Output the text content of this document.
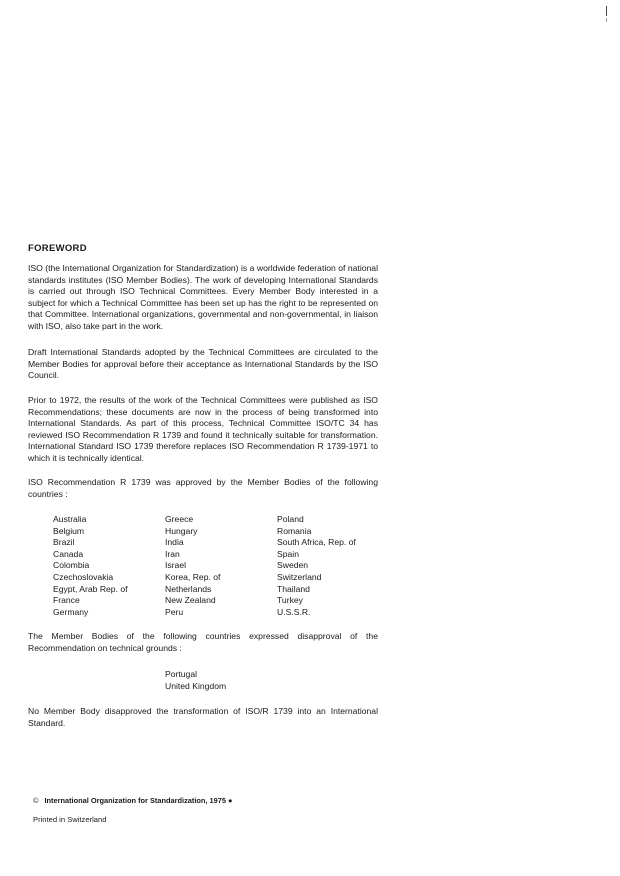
FOREWORD

ISO (the International Organization for Standardization) is a worldwide federation of national standards institutes (ISO Member Bodies). The work of developing International Standards is carried out through ISO Technical Committees. Every Member Body interested in a subject for which a Technical Committee has been set up has the right to be represented on that Committee. International organizations, governmental and non-governmental, in liaison with ISO, also take part in the work.

Draft International Standards adopted by the Technical Committees are circulated to the Member Bodies for approval before their acceptance as International Standards by the ISO Council.

Prior to 1972, the results of the work of the Technical Committees were published as ISO Recommendations; these documents are now in the process of being transformed into International Standards. As part of this process, Technical Committee ISO/TC 34 has reviewed ISO Recommendation R 1739 and found it technically suitable for transformation. International Standard ISO 1739 therefore replaces ISO Recommendation R 1739-1971 to which it is technically identical.

ISO Recommendation R 1739 was approved by the Member Bodies of the following countries :

Australia
Belgium
Brazil
Canada
Colombia
Czechoslovakia
Egypt, Arab Rep. of
France
Germany
Greece
Hungary
India
Iran
Israel
Korea, Rep. of
Netherlands
New Zealand
Peru
Poland
Romania
South Africa, Rep. of
Spain
Sweden
Switzerland
Thailand
Turkey
U.S.S.R.

The Member Bodies of the following countries expressed disapproval of the Recommendation on technical grounds :

Portugal
United Kingdom

No Member Body disapproved the transformation of ISO/R 1739 into an International Standard.

© International Organization for Standardization, 1975 ●
Printed in Switzerland
